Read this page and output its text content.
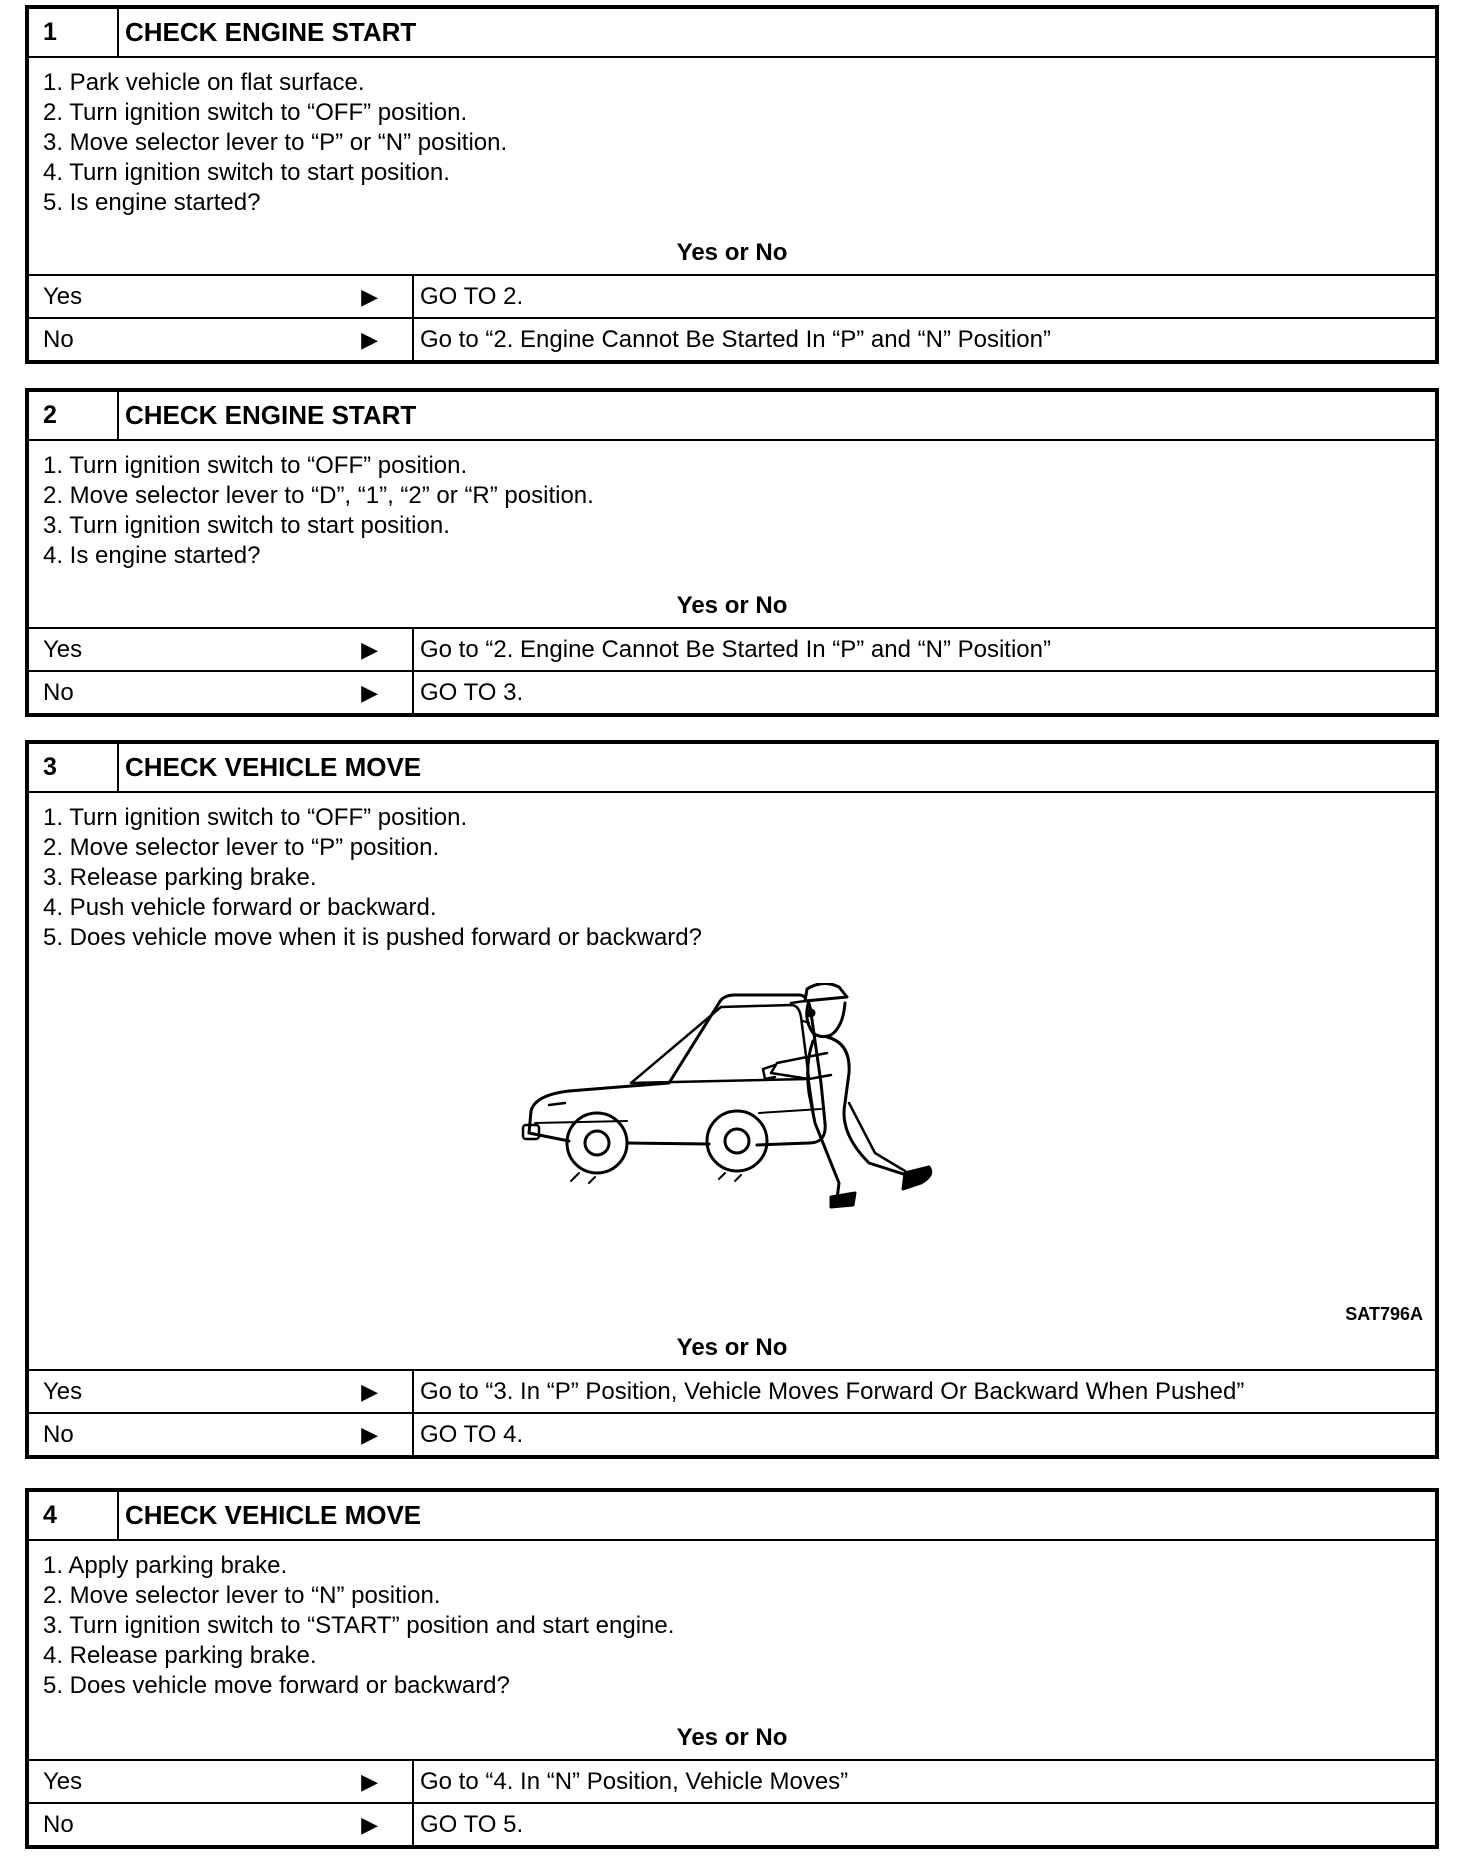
1	CHECK ENGINE START
1. Park vehicle on flat surface.
2. Turn ignition switch to “OFF” position.
3. Move selector lever to “P” or “N” position.
4. Turn ignition switch to start position.
5. Is engine started?
Yes or No
Yes	▶ GO TO 2.
No	▶ Go to “2. Engine Cannot Be Started In “P” and “N” Position”
2	CHECK ENGINE START
1. Turn ignition switch to “OFF” position.
2. Move selector lever to “D”, “1”, “2” or “R” position.
3. Turn ignition switch to start position.
4. Is engine started?
Yes or No
Yes	▶ Go to “2. Engine Cannot Be Started In “P” and “N” Position”
No	▶ GO TO 3.
3	CHECK VEHICLE MOVE
1. Turn ignition switch to “OFF” position.
2. Move selector lever to “P” position.
3. Release parking brake.
4. Push vehicle forward or backward.
5. Does vehicle move when it is pushed forward or backward?
SAT796A
Yes or No
Yes	▶ Go to “3. In “P” Position, Vehicle Moves Forward Or Backward When Pushed”
No	▶ GO TO 4.
4	CHECK VEHICLE MOVE
1. Apply parking brake.
2. Move selector lever to “N” position.
3. Turn ignition switch to “START” position and start engine.
4. Release parking brake.
5. Does vehicle move forward or backward?
Yes or No
Yes	▶ Go to “4. In “N” Position, Vehicle Moves”
No	▶ GO TO 5.
